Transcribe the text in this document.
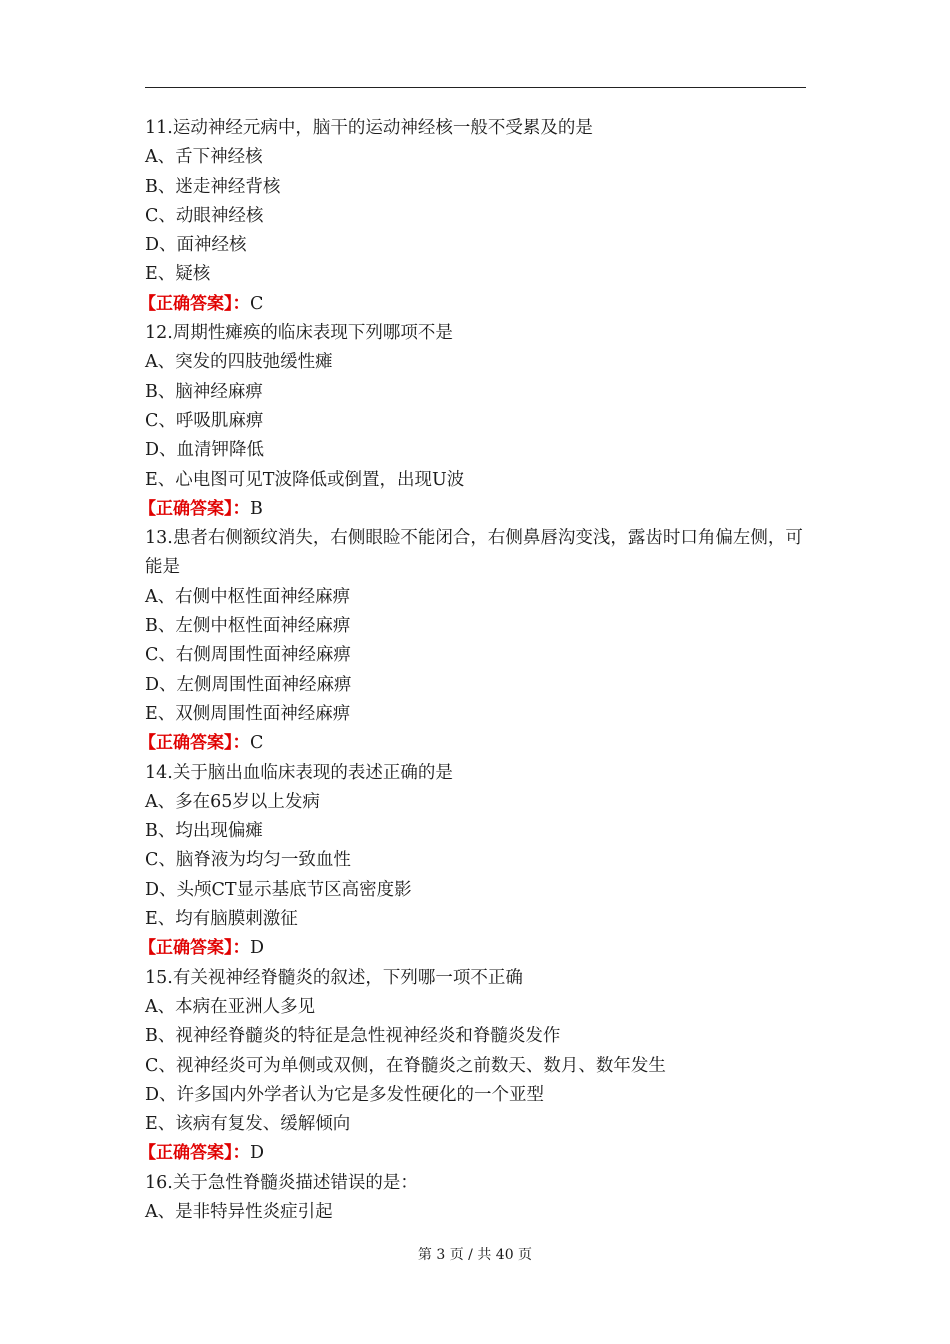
11.运动神经元病中，脑干的运动神经核一般不受累及的是
A、舌下神经核
B、迷走神经背核
C、动眼神经核
D、面神经核
E、疑核
【正确答案】：C
12.周期性瘫痪的临床表现下列哪项不是
A、突发的四肢弛缓性瘫
B、脑神经麻痹
C、呼吸肌麻痹
D、血清钾降低
E、心电图可见T波降低或倒置，出现U波
【正确答案】：B
13.患者右侧额纹消失，右侧眼睑不能闭合，右侧鼻唇沟变浅，露齿时口角偏左侧，可能是
A、右侧中枢性面神经麻痹
B、左侧中枢性面神经麻痹
C、右侧周围性面神经麻痹
D、左侧周围性面神经麻痹
E、双侧周围性面神经麻痹
【正确答案】：C
14.关于脑出血临床表现的表述正确的是
A、多在65岁以上发病
B、均出现偏瘫
C、脑脊液为均匀一致血性
D、头颅CT显示基底节区高密度影
E、均有脑膜刺激征
【正确答案】：D
15.有关视神经脊髓炎的叙述，下列哪一项不正确
A、本病在亚洲人多见
B、视神经脊髓炎的特征是急性视神经炎和脊髓炎发作
C、视神经炎可为单侧或双侧，在脊髓炎之前数天、数月、数年发生
D、许多国内外学者认为它是多发性硬化的一个亚型
E、该病有复发、缓解倾向
【正确答案】：D
16.关于急性脊髓炎描述错误的是：
A、是非特异性炎症引起
第 3 页 / 共 40 页
